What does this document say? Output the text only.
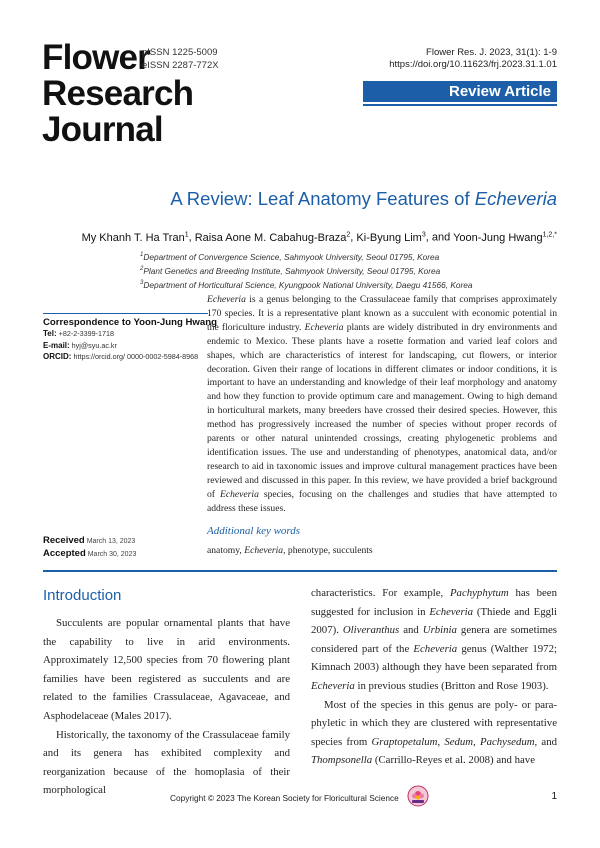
Flower
Research
Journal
pISSN 1225-5009
eISSN 2287-772X
Flower Res. J. 2023, 31(1): 1-9
https://doi.org/10.11623/frj.2023.31.1.01
Review Article
A Review: Leaf Anatomy Features of Echeveria
My Khanh T. Ha Tran$^1$, Raisa Aone M. Cabahug-Braza$^2$, Ki-Byung Lim$^3$, and Yoon-Jung Hwang$^{1,2,*}$
$^1$Department of Convergence Science, Sahmyook University, Seoul 01795, Korea
$^2$Plant Genetics and Breeding Institute, Sahmyook University, Seoul 01795, Korea
$^3$Department of Horticultural Science, Kyungpook National University, Daegu 41566, Korea
Correspondence to Yoon-Jung Hwang
Tel: +82-2-3399-1718
E-mail: hyj@syu.ac.kr
ORCID: https://orcid.org/ 0000-0002-5984-8968
Received March 13, 2023
Accepted March 30, 2023
Echeveria is a genus belonging to the Crassulaceae family that comprises approximately 170 species. It is a representative plant known as a succulent with economic potential in the floriculture industry. Echeveria plants are widely distributed in dry environments and endemic to Mexico. These plants have a rosette formation and varied leaf colors and shapes, which are characteristics of interest for landscaping, cut flowers, or interior decoration. Given their range of locations in different climates or indoor conditions, it is important to have an understanding and knowledge of their leaf morphology and anatomy and how they function to provide optimum care and management. Owing to high demand in horticultural markets, many breeders have crossed their desired species. However, this method has progressively increased the number of species without proper records of parents or other natural unintended crossings, creating phylogenetic problems and identification issues. The use and understanding of phenotypes, anatomical data, and/or research to aid in taxonomic issues and improve cultural management practices have been reviewed and discussed in this paper. In this review, we have provided a brief background of Echeveria species, focusing on the challenges and studies that have attempted to address these issues.
Additional key words
anatomy, Echeveria, phenotype, succulents
Introduction

Succulents are popular ornamental plants that have the capability to live in arid environments. Approximately 12,500 species from 70 flowering plant families have been registered as succulents and are related to the families Crassulaceae, Agavaceae, and Asphodelaceae (Males 2017).

Historically, the taxonomy of the Crassulaceae family and its genera has exhibited complexity and reorganization because of the homoplasia of their morphological

characteristics. For example, Pachyphytum has been suggested for inclusion in Echeveria (Thiede and Eggli 2007). Oliveranthus and Urbinia genera are sometimes considered part of the Echeveria genus (Walther 1972; Kimnach 2003) although they have been separated from Echeveria in previous studies (Britton and Rose 1903).

Most of the species in this genus are poly- or para-phyletic in which they are clustered with representative species from Graptopetalum, Sedum, Pachysedum, and Thompsonella (Carrillo-Reyes et al. 2008) and have

Copyright © 2023 The Korean Society for Floricultural Science	1
